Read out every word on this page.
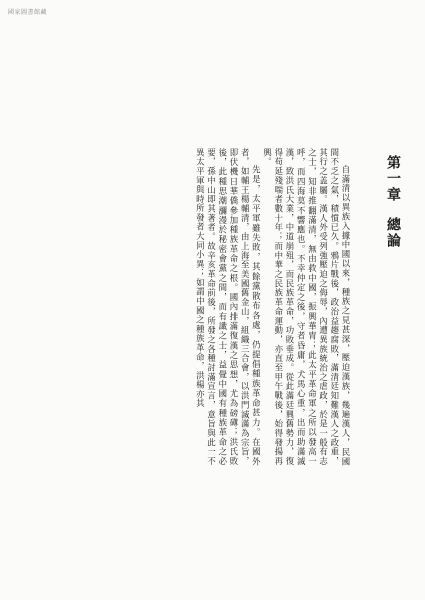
國家圖書館藏
第一章總論

自滿清以異族入據中國以來，種族之見甚深，壓迫漢族，幾遍漢人，民國間不乏之氣，積憤已久。鴉片戰後，政治益趨腐敗，滿清廷知難漢人之政重，其行之盖屬。漢人外受列強壓迫之侮辱，內遭異族統治之虐政，於是一般有志之士，知非推翻滿清，無由救中國，振興華胄；此太平革命軍之所以發高一呼，而四海莫不響應也。不幸仲定之後，守者昏庸，犬馬心重，出而助滿滅漢，致洪氏大業，中道崩殂，而民族革命，功敗垂成。從此滿廷興舊勢力，復得苟延殘喘者數十年；而中華之民族革命運動，亦直至甲午戰後，始得發揚再興。

先是，太平軍雖失敗，其餘黨散布各處，仍提倡種族革命甚力。在國外者，如輔王楊輔清，由上海至美國舊金山，組織三合會，以洪門滅滿為宗旨，即伏機日華僑參加種族革命之根。國內排滿復漢之思想，尤為磅礡；洪氏敗後，此種思潮瀰漫於秘密會黨之間，而有識之士，益覺中國有種族革命之必要，孫中山即其著者。故辛亥革命前後，所發之各種討滿宣言，意旨與此一不異太平軍與時所發者大同小異；如謂中國之種族革命，洪楊亦其
